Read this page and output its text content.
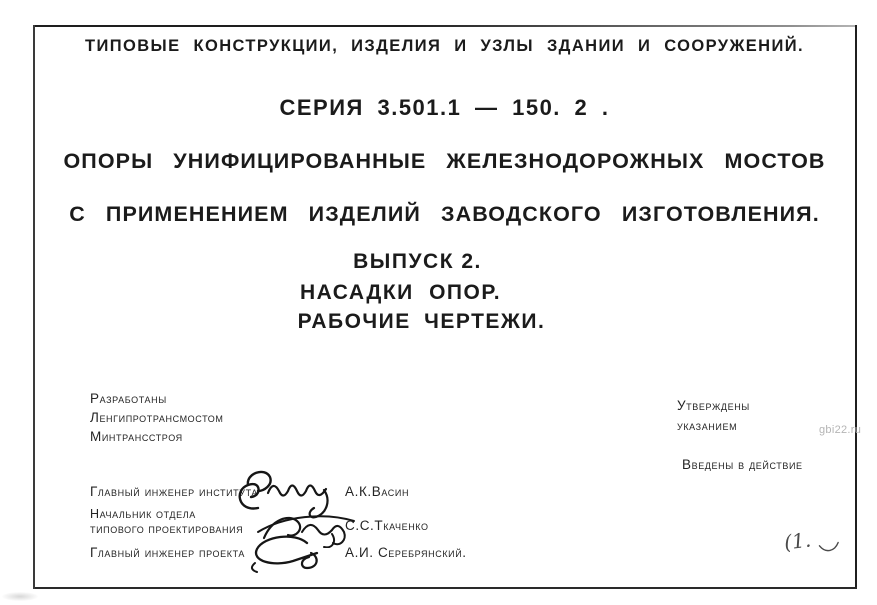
ТИПОВЫЕ КОНСТРУКЦИИ, ИЗДЕЛИЯ И УЗЛЫ ЗДАНИИ И СООРУЖЕНИЙ.
СЕРИЯ 3.501.1 — 150. 2 .
ОПОРЫ УНИФИЦИРОВАННЫЕ ЖЕЛЕЗНОДОРОЖНЫХ МОСТОВ
С ПРИМЕНЕНИЕМ ИЗДЕЛИЙ ЗАВОДСКОГО ИЗГОТОВЛЕНИЯ.
ВЫПУСК 2.
НАСАДКИ ОПОР.
РАБОЧИЕ ЧЕРТЕЖИ.
Разработаны
Ленгипротрансмостом
Минтрансстроя
Утверждены
указанием
Введены в действие
Главный инженер института
Начальник отдела
типового проектирования
Главный инженер проекта
А.К.Васин
С.С.Ткаченко
А.И. Серебрянский.
gbi22.ru
(1.
